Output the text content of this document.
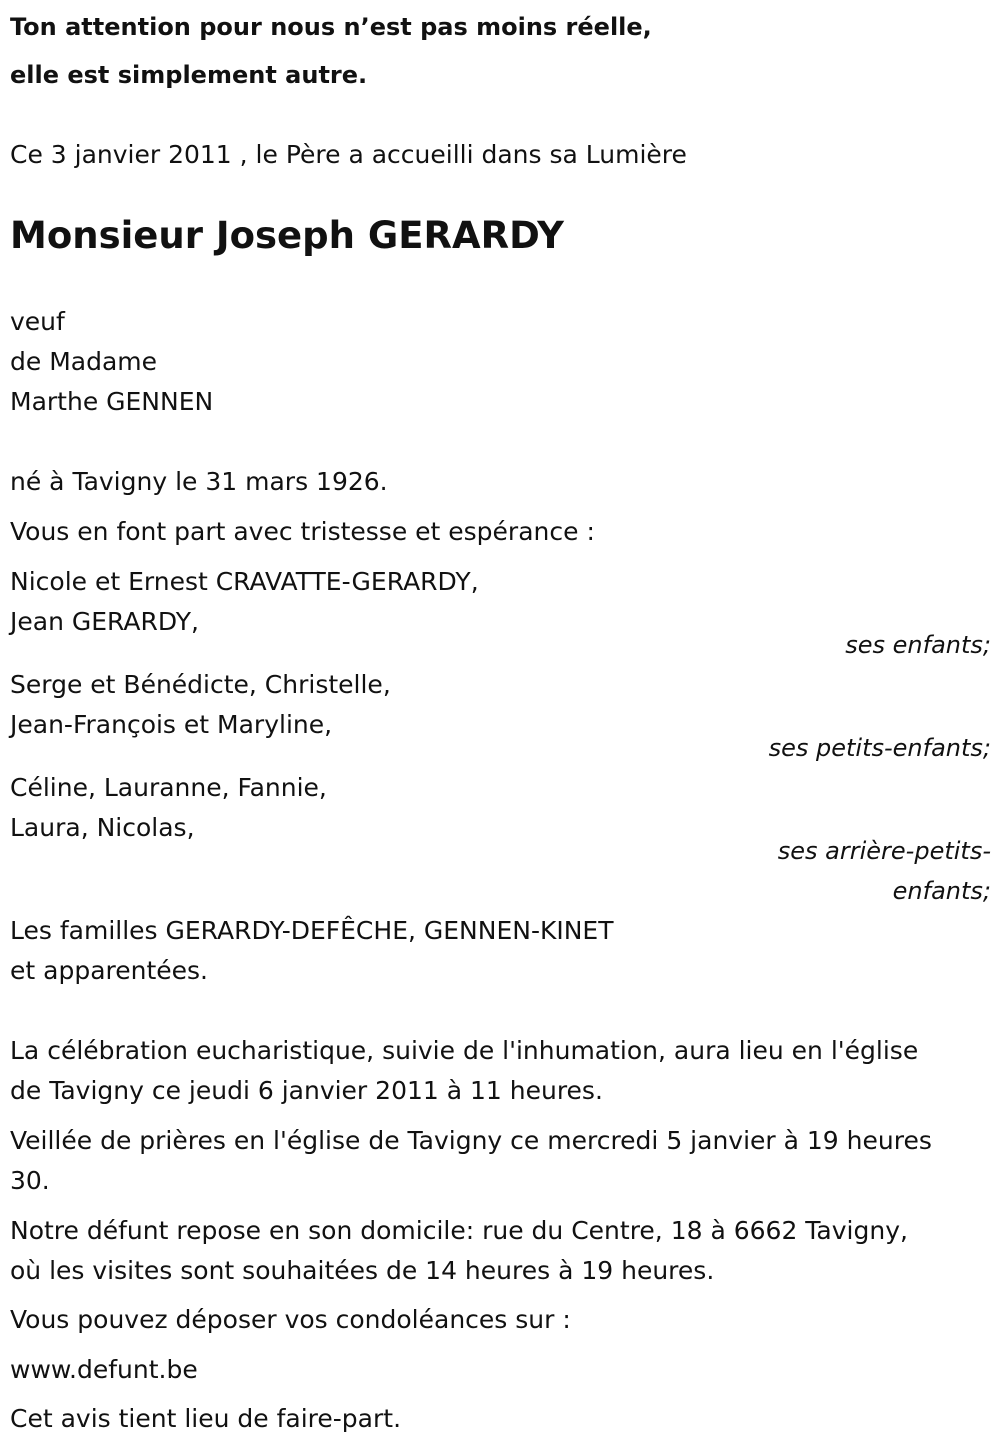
Ton attention pour nous n’est pas moins réelle,
elle est simplement autre.
Ce 3 janvier 2011 , le Père a accueilli dans sa Lumière
Monsieur Joseph GERARDY
veuf
de Madame
Marthe GENNEN
né à Tavigny le 31 mars 1926.
Vous en font part avec tristesse et espérance :
Nicole et Ernest CRAVATTE-GERARDY,
Jean GERARDY,
ses enfants;
Serge et Bénédicte, Christelle,
Jean-François et Maryline,
ses petits-enfants;
Céline, Lauranne, Fannie,
Laura, Nicolas,
ses arrière-petits-
enfants;
Les familles GERARDY-DEFÊCHE, GENNEN-KINET
et apparentées.
La célébration eucharistique, suivie de l'inhumation, aura lieu en l'église
de Tavigny ce jeudi 6 janvier 2011 à 11 heures.
Veillée de prières en l'église de Tavigny ce mercredi 5 janvier à 19 heures
30.
Notre défunt repose en son domicile: rue du Centre, 18 à 6662 Tavigny,
où les visites sont souhaitées de 14 heures à 19 heures.
Vous pouvez déposer vos condoléances sur :
www.defunt.be
Cet avis tient lieu de faire-part.
